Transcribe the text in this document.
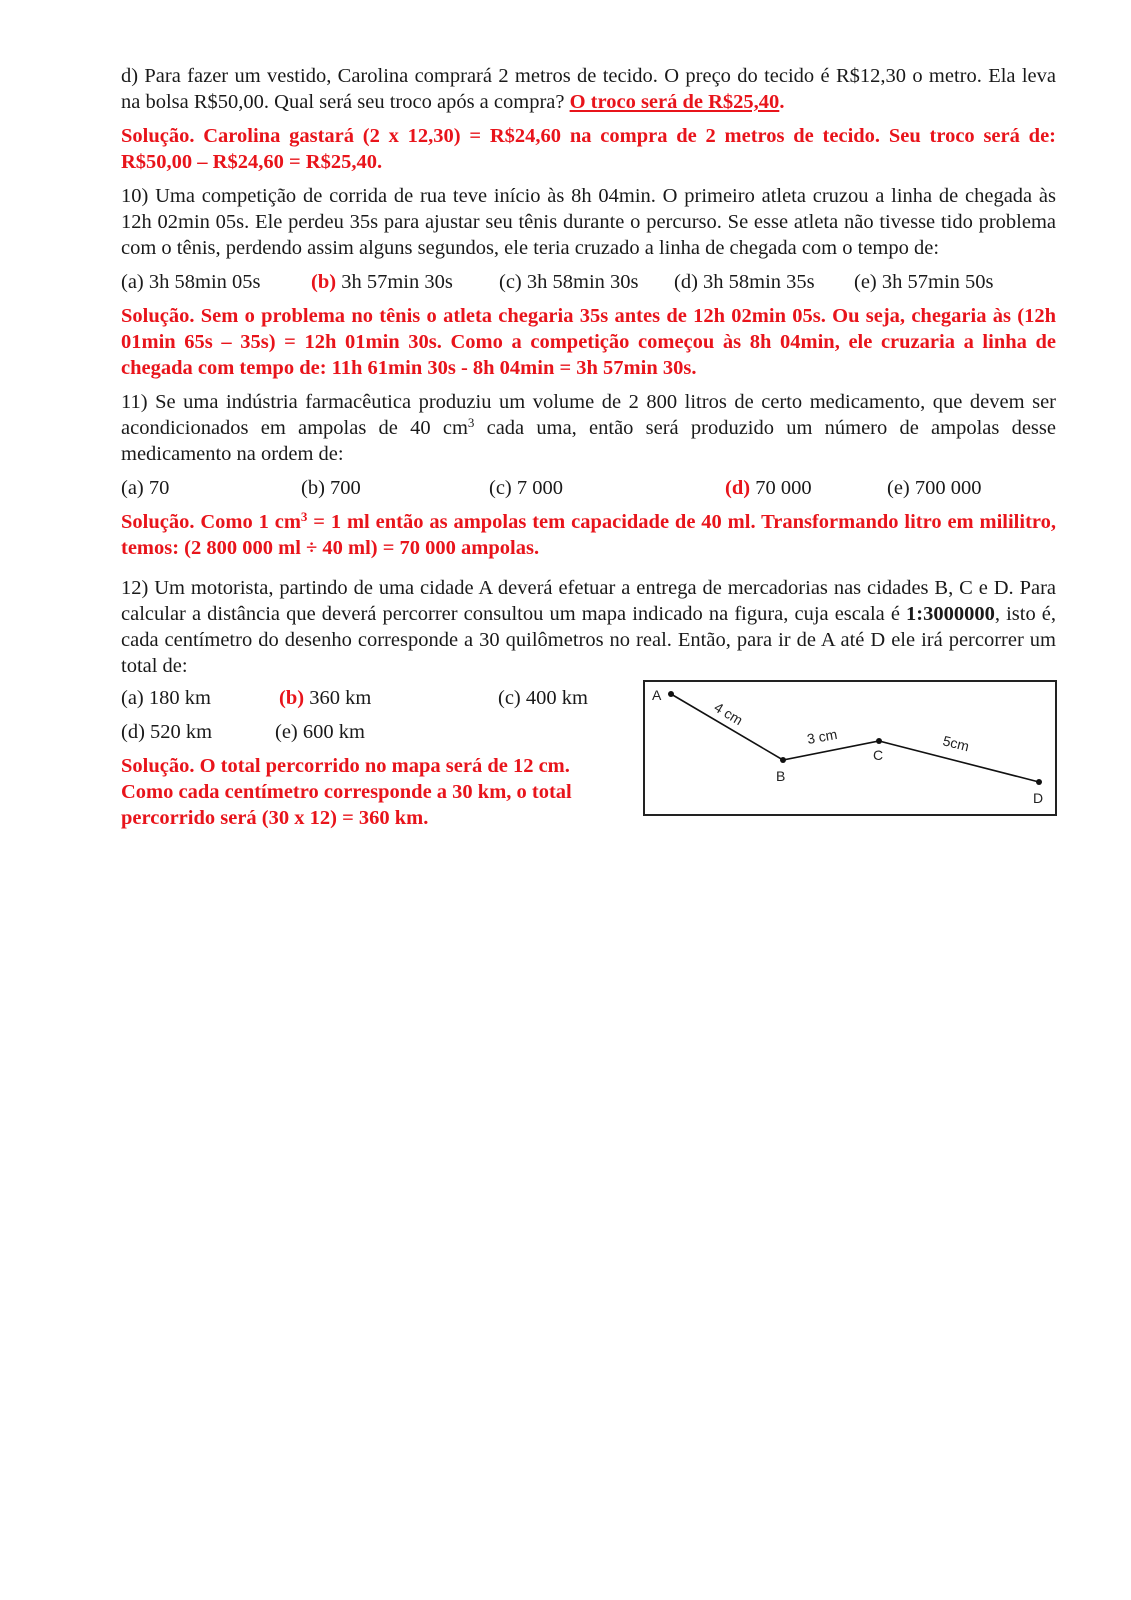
d) Para fazer um vestido, Carolina comprará 2 metros de tecido. O preço do tecido é R$12,30 o metro. Ela leva na bolsa R$50,00. Qual será seu troco após a compra? O troco será de R$25,40.

Solução. Carolina gastará (2 x 12,30) = R$24,60 na compra de 2 metros de tecido. Seu troco será de: R$50,00 – R$24,60 = R$25,40.

10) Uma competição de corrida de rua teve início às 8h 04min. O primeiro atleta cruzou a linha de chegada às 12h 02min 05s. Ele perdeu 35s para ajustar seu tênis durante o percurso. Se esse atleta não tivesse tido problema com o tênis, perdendo assim alguns segundos, ele teria cruzado a linha de chegada com o tempo de:

(a) 3h 58min 05s (b) 3h 57min 30s (c) 3h 58min 30s (d) 3h 58min 35s (e) 3h 57min 50s

Solução. Sem o problema no tênis o atleta chegaria 35s antes de 12h 02min 05s. Ou seja, chegaria às (12h 01min 65s – 35s) = 12h 01min 30s. Como a competição começou às 8h 04min, ele cruzaria a linha de chegada com tempo de: 11h 61min 30s - 8h 04min = 3h 57min 30s.

11) Se uma indústria farmacêutica produziu um volume de 2 800 litros de certo medicamento, que devem ser acondicionados em ampolas de 40 $cm^3$ cada uma, então será produzido um número de ampolas desse medicamento na ordem de:

(a) 70	(b) 700	(c) 7 000	(d) 70 000	(e) 700 000

Solução. Como 1 $cm^3 = 1$ ml então as ampolas tem capacidade de 40 ml. Transformando litro em mililitro, temos: (2 800 000 ml ÷ 40 ml) = 70 000 ampolas.

12) Um motorista, partindo de uma cidade A deverá efetuar a entrega de mercadorias nas cidades B, C e D. Para calcular a distância que deverá percorrer consultou um mapa indicado na figura, cuja escala é 1:3000000, isto é, cada centímetro do desenho corresponde a 30 quilômetros no real. Então, para ir de A até D ele irá percorrer um total de:

(a) 180 km	(b) 360 km	(c) 400 km
(d) 520 km	(e) 600 km

Solução. O total percorrido no mapa será de 12 cm. Como cada centímetro corresponde a 30 km, o total percorrido será (30 x 12) = 360 km.

A
B
C
D
4 cm
3 cm	5cm
